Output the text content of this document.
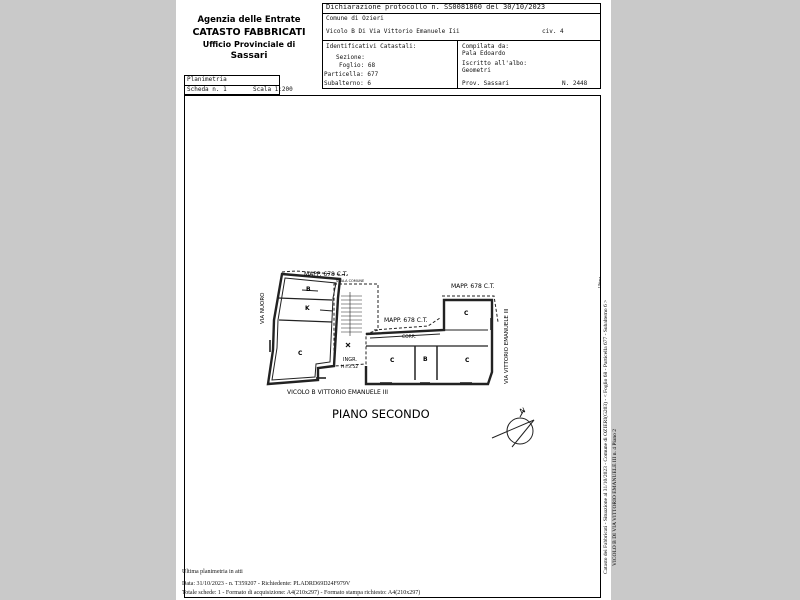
Agenzia delle Entrate
CATASTO FABBRICATI
Ufficio Provinciale di
Sassari
Dichiarazione protocollo n. SS0081860 del 30/10/2023
Comune di Ozieri
Vicolo B Di Via Vittorio Emanuele Iii	civ. 4
Identificativi Catastali:
Sezione:
Foglio: 68
Particella: 677
Subalterno: 6
Compilata da:
Pala Edoardo
Iscritto all'albo:
Geometri
Prov. Sassari	N. 2448
Planimetria
Scheda n. 1	Scala 1:200
MAPP. 678 C.T.
MAPP. 678 C.T.
MAPP. 678 C.T.
SCALA COMUNE
B
K
C
C
C	B	C
CORR.
INGR.
H=3.52
VIA NUORO
VIA VITTORIO EMANUELE III
VICOLO B VITTORIO EMANUELE III
PIANO SECONDO	N
Ultima planimetria in atti
Data: 31/10/2023 - n. T359207 - Richiedente: PLADRD69D24F979V
Totale schede: 1 - Formato di acquisizione: A4(210x297) - Formato stampa richiesto: A4(210x297)
Catasto dei Fabbricati - Situazione al 31/10/2023 - Comune di OZIERI(G203) - < Foglio 68 - Particella 677 - Subalterno 6 > VICOLO B DI VIA VITTORIO EMANUELE III n. 4 Piano 2
Ultima
